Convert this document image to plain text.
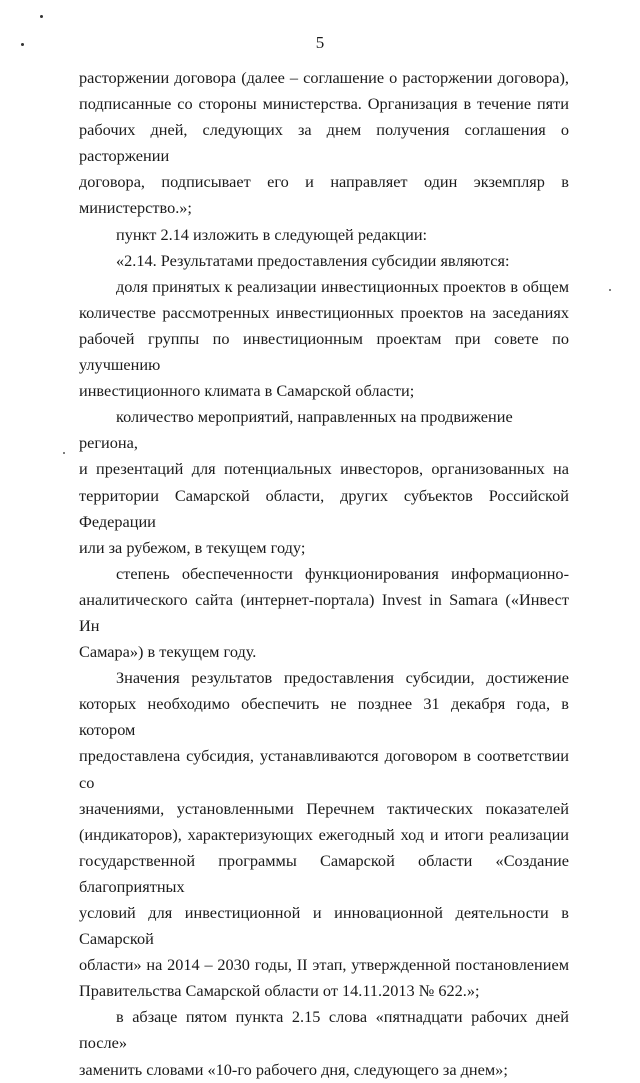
5

расторжении договора (далее – соглашение о расторжении договора),

подписанные со стороны министерства. Организация в течение пяти

рабочих дней, следующих за днем получения соглашения о расторжении

договора, подписывает его и направляет один экземпляр в министерство.»;

пункт 2.14 изложить в следующей редакции:

«2.14. Результатами предоставления субсидии являются:

доля принятых к реализации инвестиционных проектов в общем

количестве рассмотренных инвестиционных проектов на заседаниях

рабочей группы по инвестиционным проектам при совете по улучшению

инвестиционного климата в Самарской области;

количество мероприятий, направленных на продвижение региона,

и презентаций для потенциальных инвесторов, организованных на

территории Самарской области, других субъектов Российской Федерации

или за рубежом, в текущем году;

степень обеспеченности функционирования информационно-

аналитического сайта (интернет-портала) Invest in Samara («Инвест Ин

Самара») в текущем году.

Значения результатов предоставления субсидии, достижение

которых необходимо обеспечить не позднее 31 декабря года, в котором

предоставлена субсидия, устанавливаются договором в соответствии со

значениями, установленными Перечнем тактических показателей

(индикаторов), характеризующих ежегодный ход и итоги реализации

государственной программы Самарской области «Создание благоприятных

условий для инвестиционной и инновационной деятельности в Самарской

области» на 2014 – 2030 годы, II этап, утвержденной постановлением

Правительства Самарской области от 14.11.2013 № 622.»;

в абзаце пятом пункта 2.15 слова «пятнадцати рабочих дней после»

заменить словами «10-го рабочего дня, следующего за днем»;
